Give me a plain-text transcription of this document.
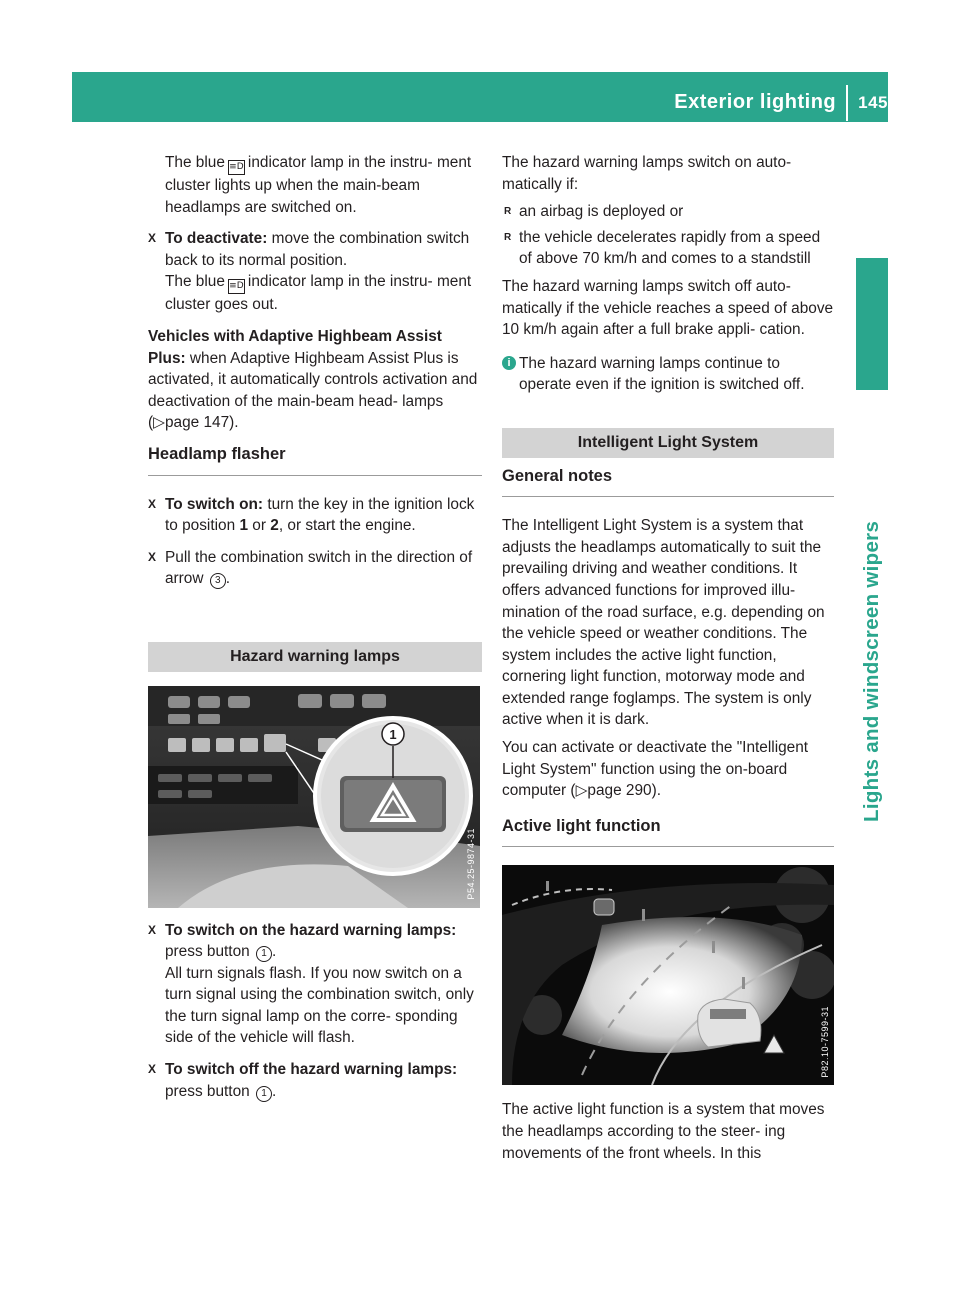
Exterior lighting	145
Lights and windscreen wipers

The blue ≡D indicator lamp in the instru- ment cluster lights up when the main-beam headlamps are switched on.

X To deactivate: move the combination switch back to its normal position.
The blue ≡D indicator lamp in the instru- ment cluster goes out.

Vehicles with Adaptive Highbeam Assist Plus: when Adaptive Highbeam Assist Plus is activated, it automatically controls activation and deactivation of the main-beam head- lamps (▷page 147).

Headlamp flasher
X To switch on: turn the key in the ignition lock to position 1 or 2, or start the engine.
X Pull the combination switch in the direction of arrow 3 .
Hazard warning lamps
1
P54.25-9874-31
X To switch on the hazard warning lamps:
press button 1 .
All turn signals flash. If you now switch on a turn signal using the combination switch, only the turn signal lamp on the corre- sponding side of the vehicle will flash.
X To switch off the hazard warning lamps:
press button 1 .

The hazard warning lamps switch on auto- matically if:

R an airbag is deployed or
R the vehicle decelerates rapidly from a speed of above 70 km/h and comes to a standstill

The hazard warning lamps switch off auto- matically if the vehicle reaches a speed of above 10 km/h again after a full brake appli- cation.

i The hazard warning lamps continue to operate even if the ignition is switched off.
Intelligent Light System
General notes

The Intelligent Light System is a system that adjusts the headlamps automatically to suit the prevailing driving and weather conditions. It offers advanced functions for improved illu- mination of the road surface, e.g. depending on the vehicle speed or weather conditions. The system includes the active light function, cornering light function, motorway mode and extended range foglamps. The system is only active when it is dark.

You can activate or deactivate the "Intelligent Light System" function using the on-board computer (▷page 290).

Active light function
P82.10-7599-31

The active light function is a system that moves the headlamps according to the steer- ing movements of the front wheels. In this
